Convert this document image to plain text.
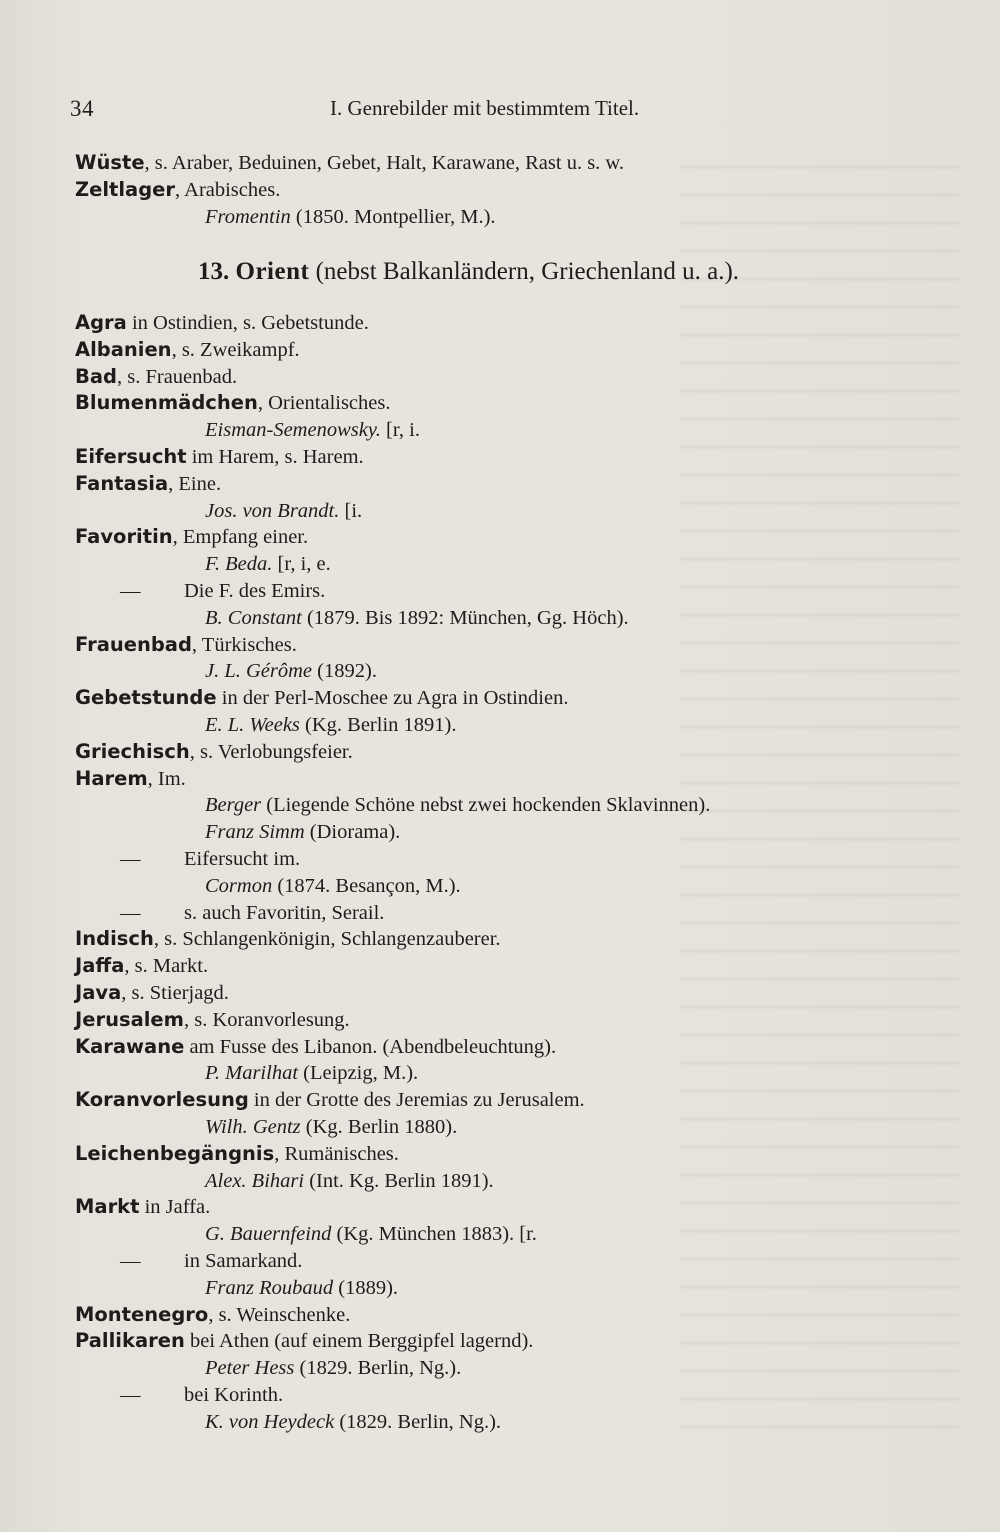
34	I. Genrebilder mit bestimmtem Titel.
Wüste, s. Araber, Beduinen, Gebet, Halt, Karawane, Rast u. s. w.
Zeltlager, Arabisches.
Fromentin (1850. Montpellier, M.).
13. Orient (nebst Balkanländern, Griechenland u. a.).
Agra in Ostindien, s. Gebetstunde.
Albanien, s. Zweikampf.
Bad, s. Frauenbad.
Blumenmädchen, Orientalisches.
Eisman-Semenowsky. [r, i.
Eifersucht im Harem, s. Harem.
Fantasia, Eine.
Jos. von Brandt. [i.
Favoritin, Empfang einer.
F. Beda. [r, i, e.
— Die F. des Emirs.
B. Constant (1879. Bis 1892: München, Gg. Höch).
Frauenbad, Türkisches.
J. L. Gérôme (1892).
Gebetstunde in der Perl-Moschee zu Agra in Ostindien.
E. L. Weeks (Kg. Berlin 1891).
Griechisch, s. Verlobungsfeier.
Harem, Im.
Berger (Liegende Schöne nebst zwei hockenden Sklavinnen).
Franz Simm (Diorama).
— Eifersucht im.
Cormon (1874. Besançon, M.).
— s. auch Favoritin, Serail.
Indisch, s. Schlangenkönigin, Schlangenzauberer.
Jaffa, s. Markt.
Java, s. Stierjagd.
Jerusalem, s. Koranvorlesung.
Karawane am Fusse des Libanon. (Abendbeleuchtung).
P. Marilhat (Leipzig, M.).
Koranvorlesung in der Grotte des Jeremias zu Jerusalem.
Wilh. Gentz (Kg. Berlin 1880).
Leichenbegängnis, Rumänisches.
Alex. Bihari (Int. Kg. Berlin 1891).
Markt in Jaffa.
G. Bauernfeind (Kg. München 1883). [r.
— in Samarkand.
Franz Roubaud (1889).
Montenegro, s. Weinschenke.
Pallikaren bei Athen (auf einem Berggipfel lagernd).
Peter Hess (1829. Berlin, Ng.).
— bei Korinth.
K. von Heydeck (1829. Berlin, Ng.).
